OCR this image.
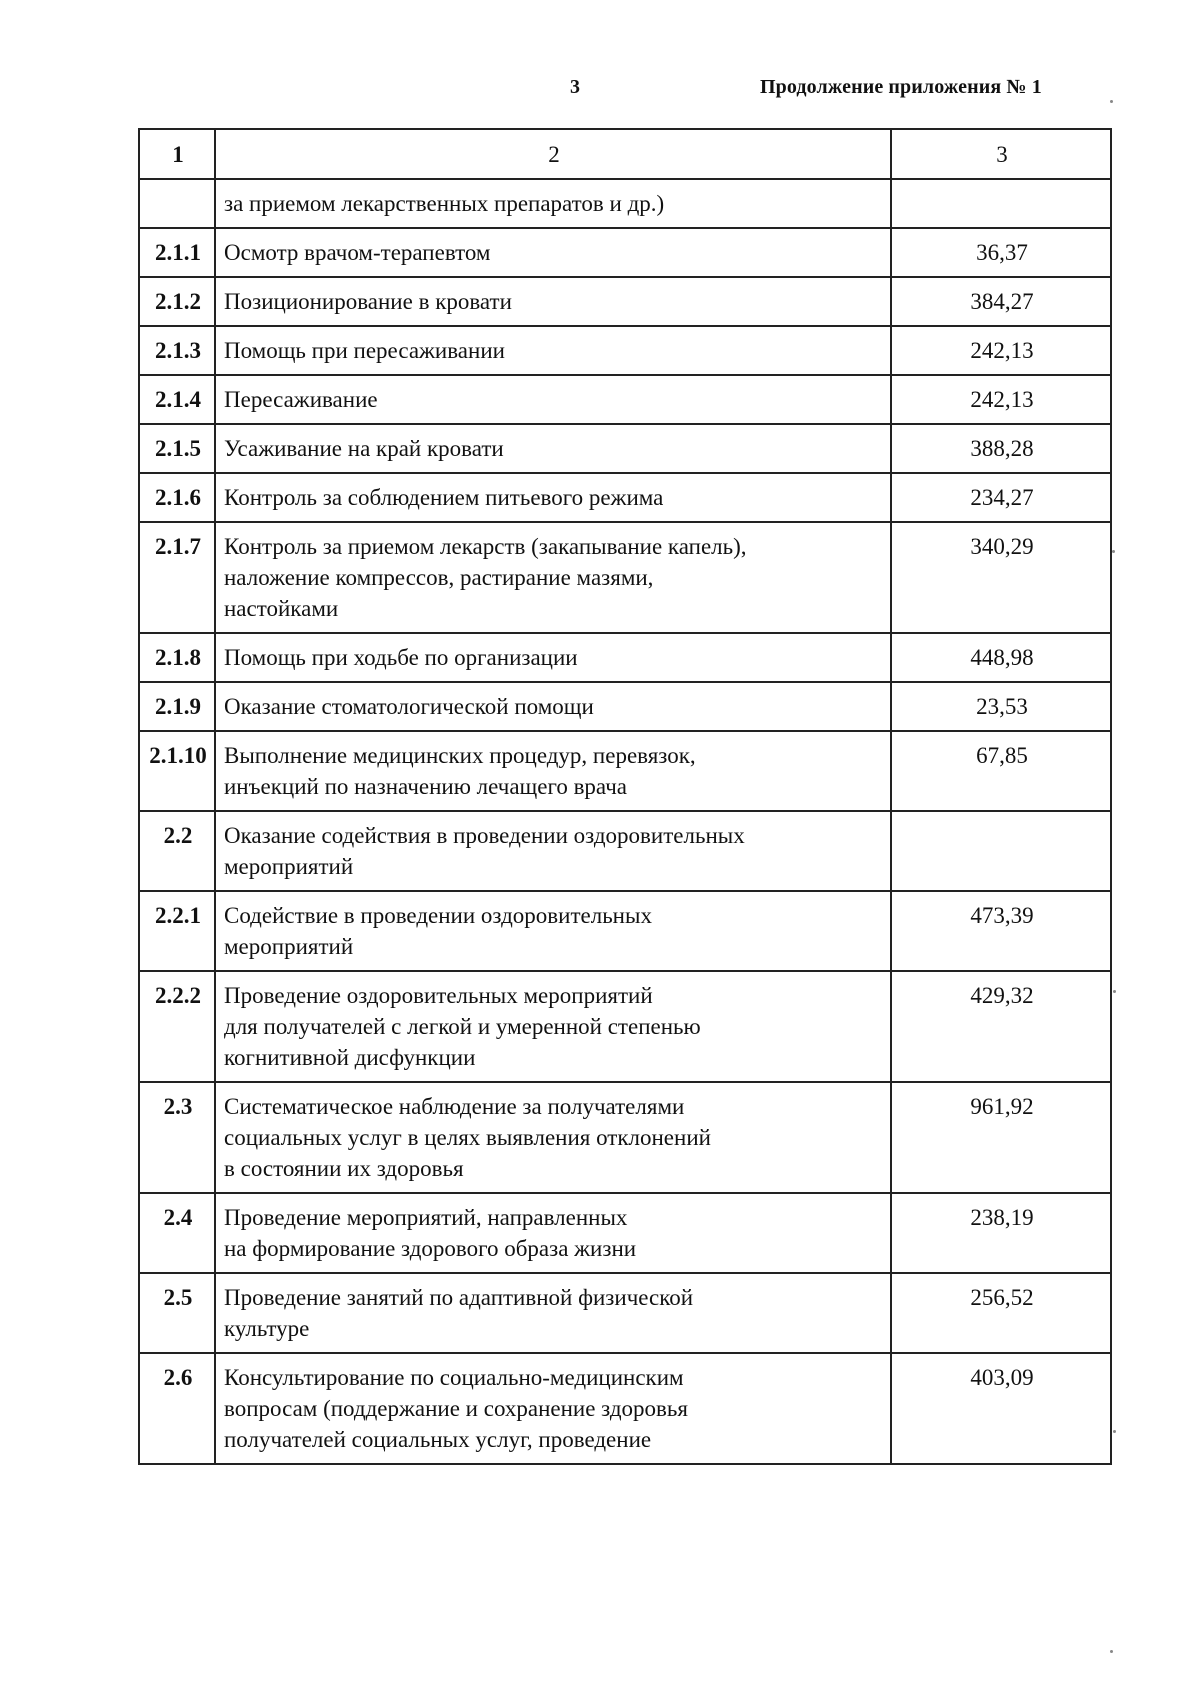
3	Продолжение приложения № 1
1	2	3

	за приемом лекарственных препаратов и др.)	

2.1.1	Осмотр врачом-терапевтом	36,37
2.1.2	Позиционирование в кровати	384,27
2.1.3	Помощь при пересаживании	242,13
2.1.4	Пересаживание	242,13
2.1.5	Усаживание на край кровати	388,28
2.1.6	Контроль за соблюдением питьевого режима	234,27
2.1.7	Контроль за приемом лекарств (закапывание капель),
наложение компрессов, растирание мазями,
настойками	340,29
2.1.8	Помощь при ходьбе по организации	448,98
2.1.9	Оказание стоматологической помощи	23,53
2.1.10	Выполнение медицинских процедур, перевязок,
инъекций по назначению лечащего врача	67,85
2.2	Оказание содействия в проведении оздоровительных
мероприятий	

2.2.1	Содействие в проведении оздоровительных
мероприятий	473,39
2.2.2	Проведение оздоровительных мероприятий
для получателей с легкой и умеренной степенью
когнитивной дисфункции	429,32
2.3	Систематическое наблюдение за получателями
социальных услуг в целях выявления отклонений
в состоянии их здоровья	961,92
2.4	Проведение мероприятий, направленных
на формирование здорового образа жизни	238,19
2.5	Проведение занятий по адаптивной физической
культуре	256,52
2.6	Консультирование по социально-медицинским
вопросам (поддержание и сохранение здоровья
получателей социальных услуг, проведение	403,09
